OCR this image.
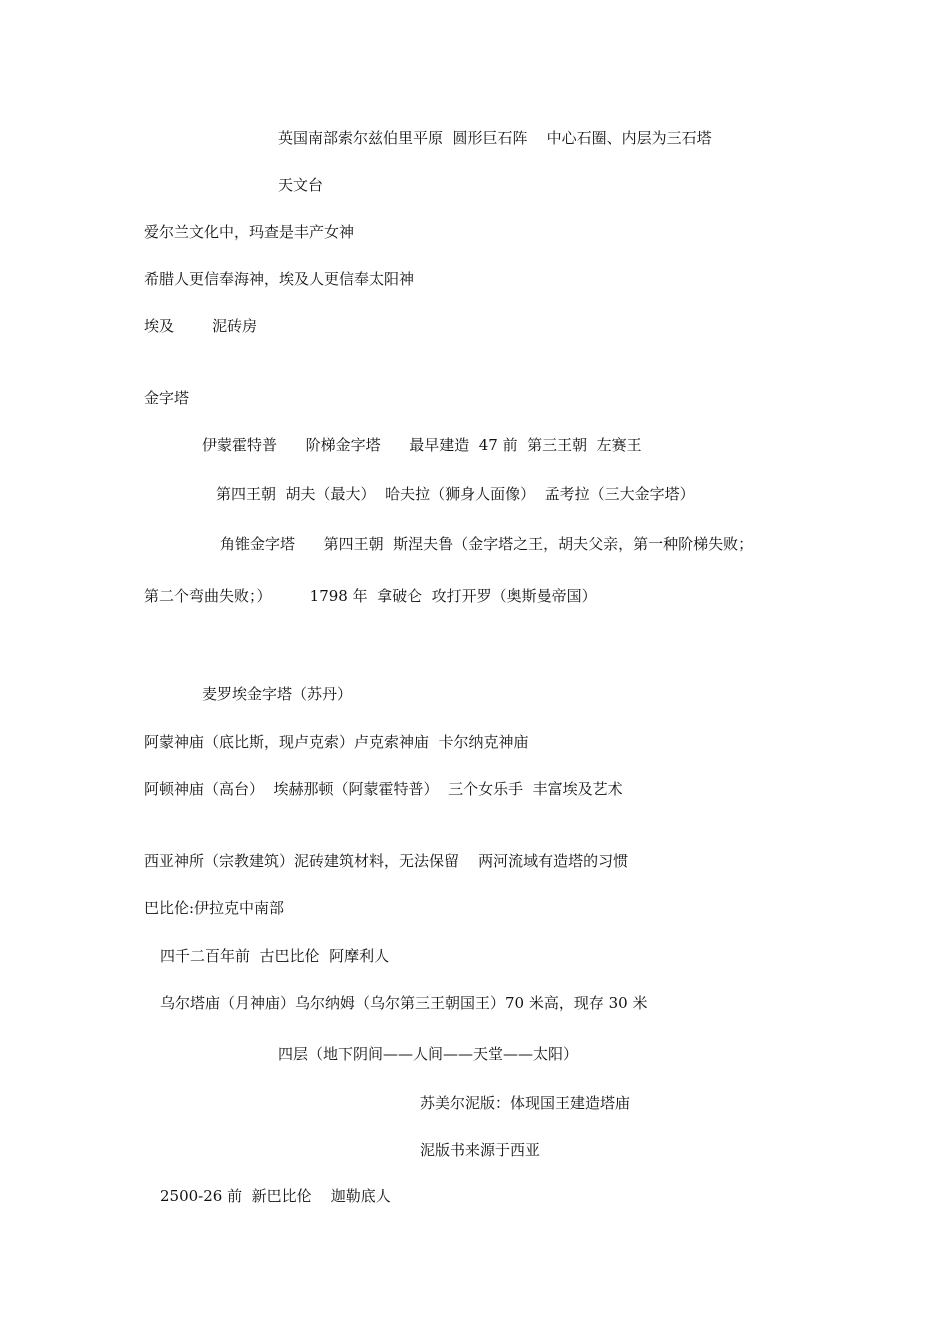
英国南部索尔兹伯里平原  圆形巨石阵    中心石圈、内层为三石塔
天文台
爱尔兰文化中，玛查是丰产女神
希腊人更信奉海神，埃及人更信奉太阳神
埃及        泥砖房
金字塔
伊蒙霍特普      阶梯金字塔      最早建造  47 前  第三王朝  左赛王
第四王朝  胡夫（最大）  哈夫拉（狮身人面像）  孟考拉（三大金字塔）
角锥金字塔      第四王朝  斯涅夫鲁（金字塔之王，胡夫父亲，第一种阶梯失败；
第二个弯曲失败；）        1798 年  拿破仑  攻打开罗（奥斯曼帝国）
麦罗埃金字塔（苏丹）
阿蒙神庙（底比斯，现卢克索）卢克索神庙  卡尔纳克神庙
阿顿神庙（高台）  埃赫那顿（阿蒙霍特普）  三个女乐手  丰富埃及艺术
西亚神所（宗教建筑）泥砖建筑材料，无法保留    两河流域有造塔的习惯
巴比伦:伊拉克中南部
四千二百年前  古巴比伦  阿摩利人
乌尔塔庙（月神庙）乌尔纳姆（乌尔第三王朝国王）70 米高，现存 30 米
四层（地下阴间——人间——天堂——太阳）
苏美尔泥版：体现国王建造塔庙
泥版书来源于西亚
2500-26 前  新巴比伦    迦勒底人
